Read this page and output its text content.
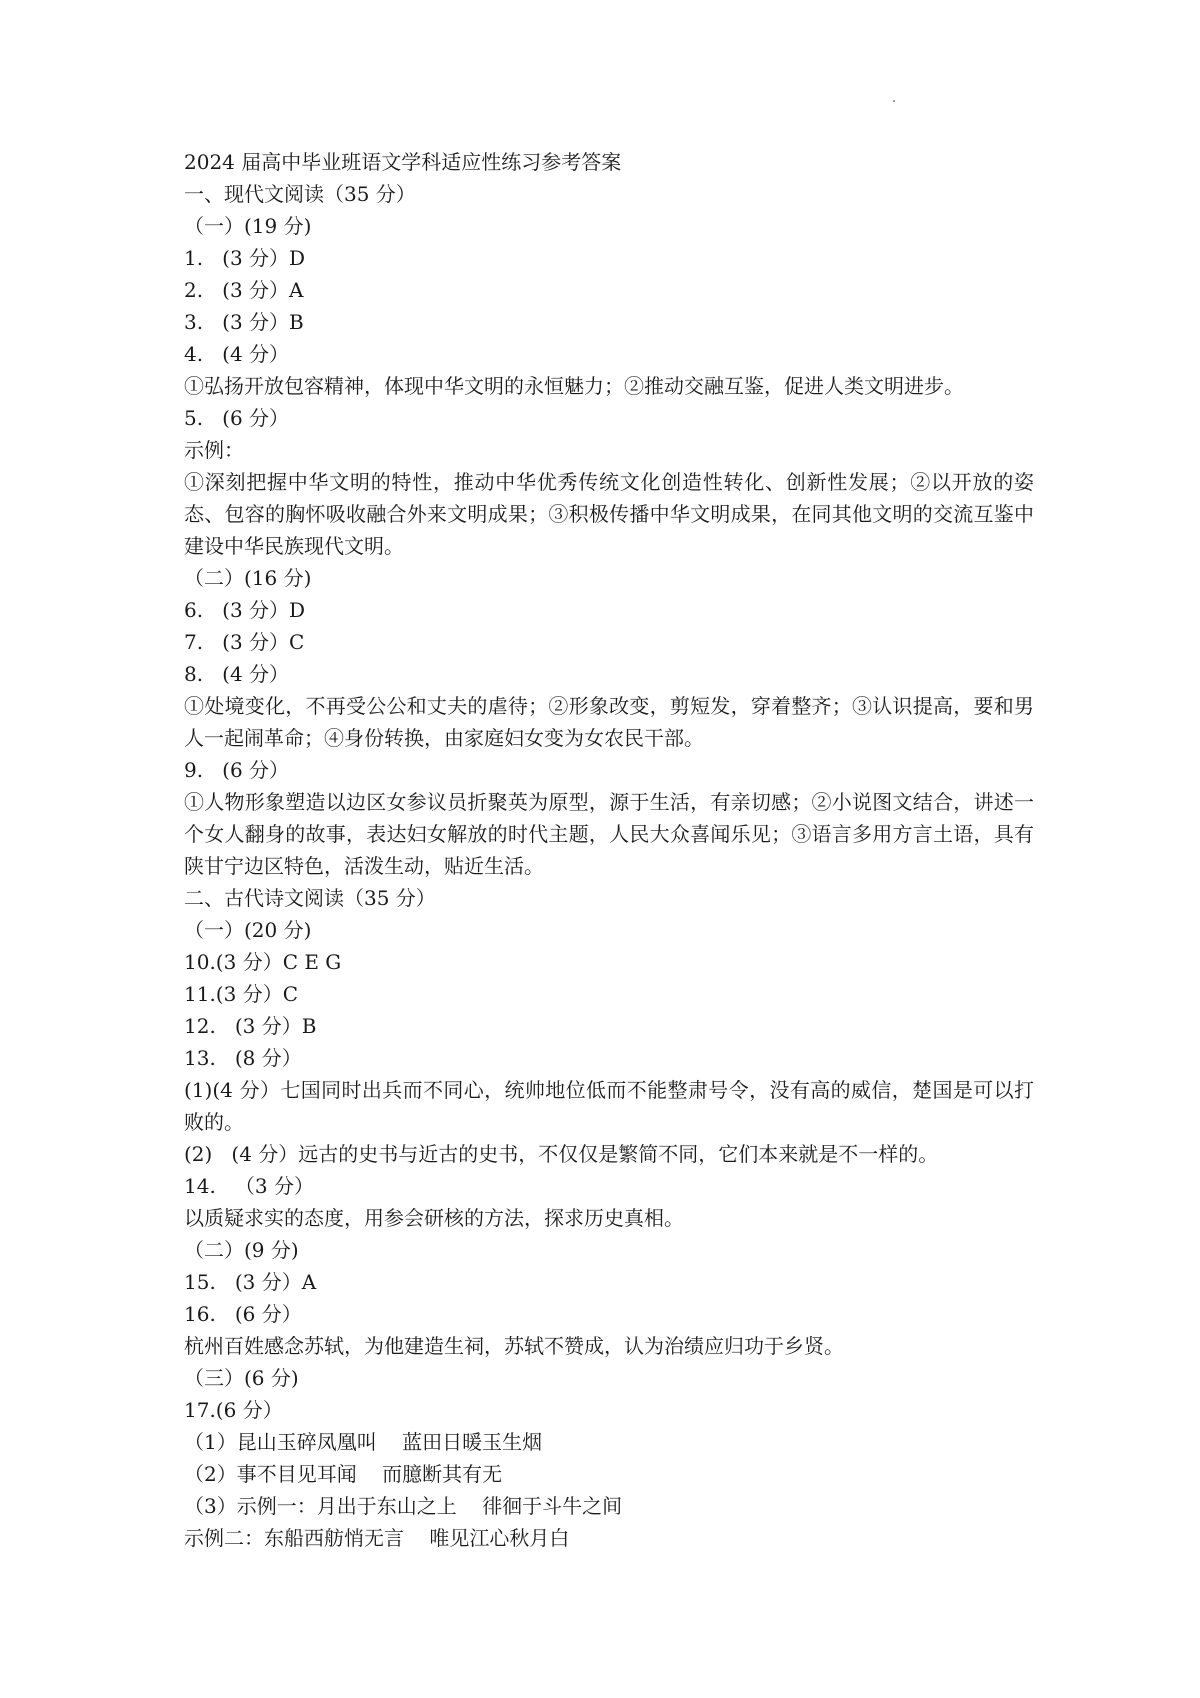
2024 届高中毕业班语文学科适应性练习参考答案
一、现代文阅读（35 分）
（一）(19 分)
1.   (3 分）D
2.   (3 分）A
3.   (3 分）B
4.   (4 分）
①弘扬开放包容精神，体现中华文明的永恒魅力；②推动交融互鉴，促进人类文明进步。
5.   (6 分）
示例：
①深刻把握中华文明的特性，推动中华优秀传统文化创造性转化、创新性发展；②以开放的姿态、包容的胸怀吸收融合外来文明成果；③积极传播中华文明成果，在同其他文明的交流互鉴中建设中华民族现代文明。
（二）(16 分)
6.   (3 分）D
7.   (3 分）C
8.   (4 分）
①处境变化，不再受公公和丈夫的虐待；②形象改变，剪短发，穿着整齐；③认识提高，要和男人一起闹革命；④身份转换，由家庭妇女变为女农民干部。
9.   (6 分）
①人物形象塑造以边区女参议员折聚英为原型，源于生活，有亲切感；②小说图文结合，讲述一个女人翻身的故事，表达妇女解放的时代主题，人民大众喜闻乐见；③语言多用方言土语，具有陕甘宁边区特色，活泼生动，贴近生活。
二、古代诗文阅读（35 分）
（一）(20 分)
10.(3 分）C E G
11.(3 分）C
12.   (3 分）B
13.   (8 分）
(1)(4 分）七国同时出兵而不同心，统帅地位低而不能整肃号令，没有高的威信，楚国是可以打败的。
(2)   (4 分）远古的史书与近古的史书，不仅仅是繁简不同，它们本来就是不一样的。
14.   （3 分）
以质疑求实的态度，用参会研核的方法，探求历史真相。
（二）(9 分)
15.   (3 分）A
16.   (6 分）
杭州百姓感念苏轼，为他建造生祠，苏轼不赞成，认为治绩应归功于乡贤。
（三）(6 分)
17.(6 分）
（1）昆山玉碎凤凰叫    蓝田日暖玉生烟
（2）事不目见耳闻    而臆断其有无
（3）示例一：月出于东山之上    徘徊于斗牛之间
示例二：东船西舫悄无言    唯见江心秋月白
